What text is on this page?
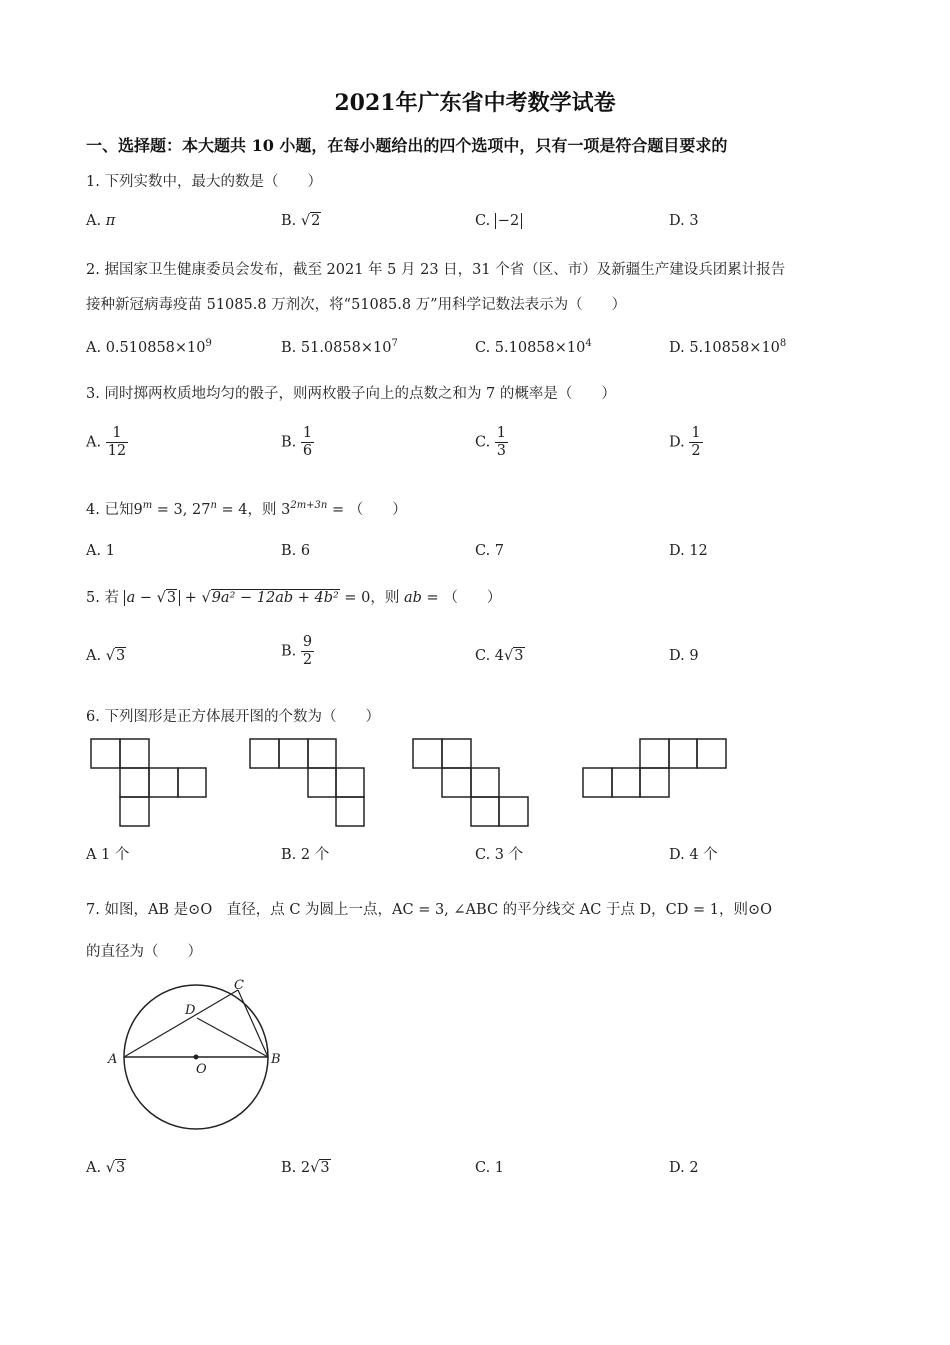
2021年广东省中考数学试卷
一、选择题：本大题共 10 小题，在每小题给出的四个选项中，只有一项是符合题目要求的
1. 下列实数中，最大的数是（　　）
A. π	B. √2	C. −2	D. 3
2. 据国家卫生健康委员会发布，截至 2021 年 5 月 23 日，31 个省（区、市）及新疆生产建设兵团累计报告
接种新冠病毒疫苗 51085.8 万剂次，将“51085.8 万”用科学记数法表示为（　　）
A. $0.510858\times 10^9$	B. $51.0858\times 10^7$	C. $5.10858\times 10^4$	D. $5.10858\times 10^8$
3. 同时掷两枚质地均匀的骰子，则两枚骰子向上的点数之和为 7 的概率是（　　）
A. $\frac{1}{12}$	B. $\frac{1}{6}$	C. $\frac{1}{3}$	D. $\frac{1}{2}$
4. 已知$9^m = 3$, $27^n = 4$，则 $3^{2m+3n}$ = （　　）
A. 1	B. 6	C. 7	D. 12
5. 若 a − √3 + √9a² − 12ab + 4b² = 0，则 ab = （　　）
A. √3	B. $\frac{9}{2}$	C. 4√3	D. 9
6. 下列图形是正方体展开图的个数为（　　）
A 1 个	B. 2 个	C. 3 个	D. 4 个
7. 如图，AB 是⊙O　直径，点 C 为圆上一点，AC = 3, ∠ABC 的平分线交 AC 于点 D，CD = 1，则⊙O
的直径为（　　）
A	B
C
D
O
A. √3	B. 2√3	C. 1	D. 2
